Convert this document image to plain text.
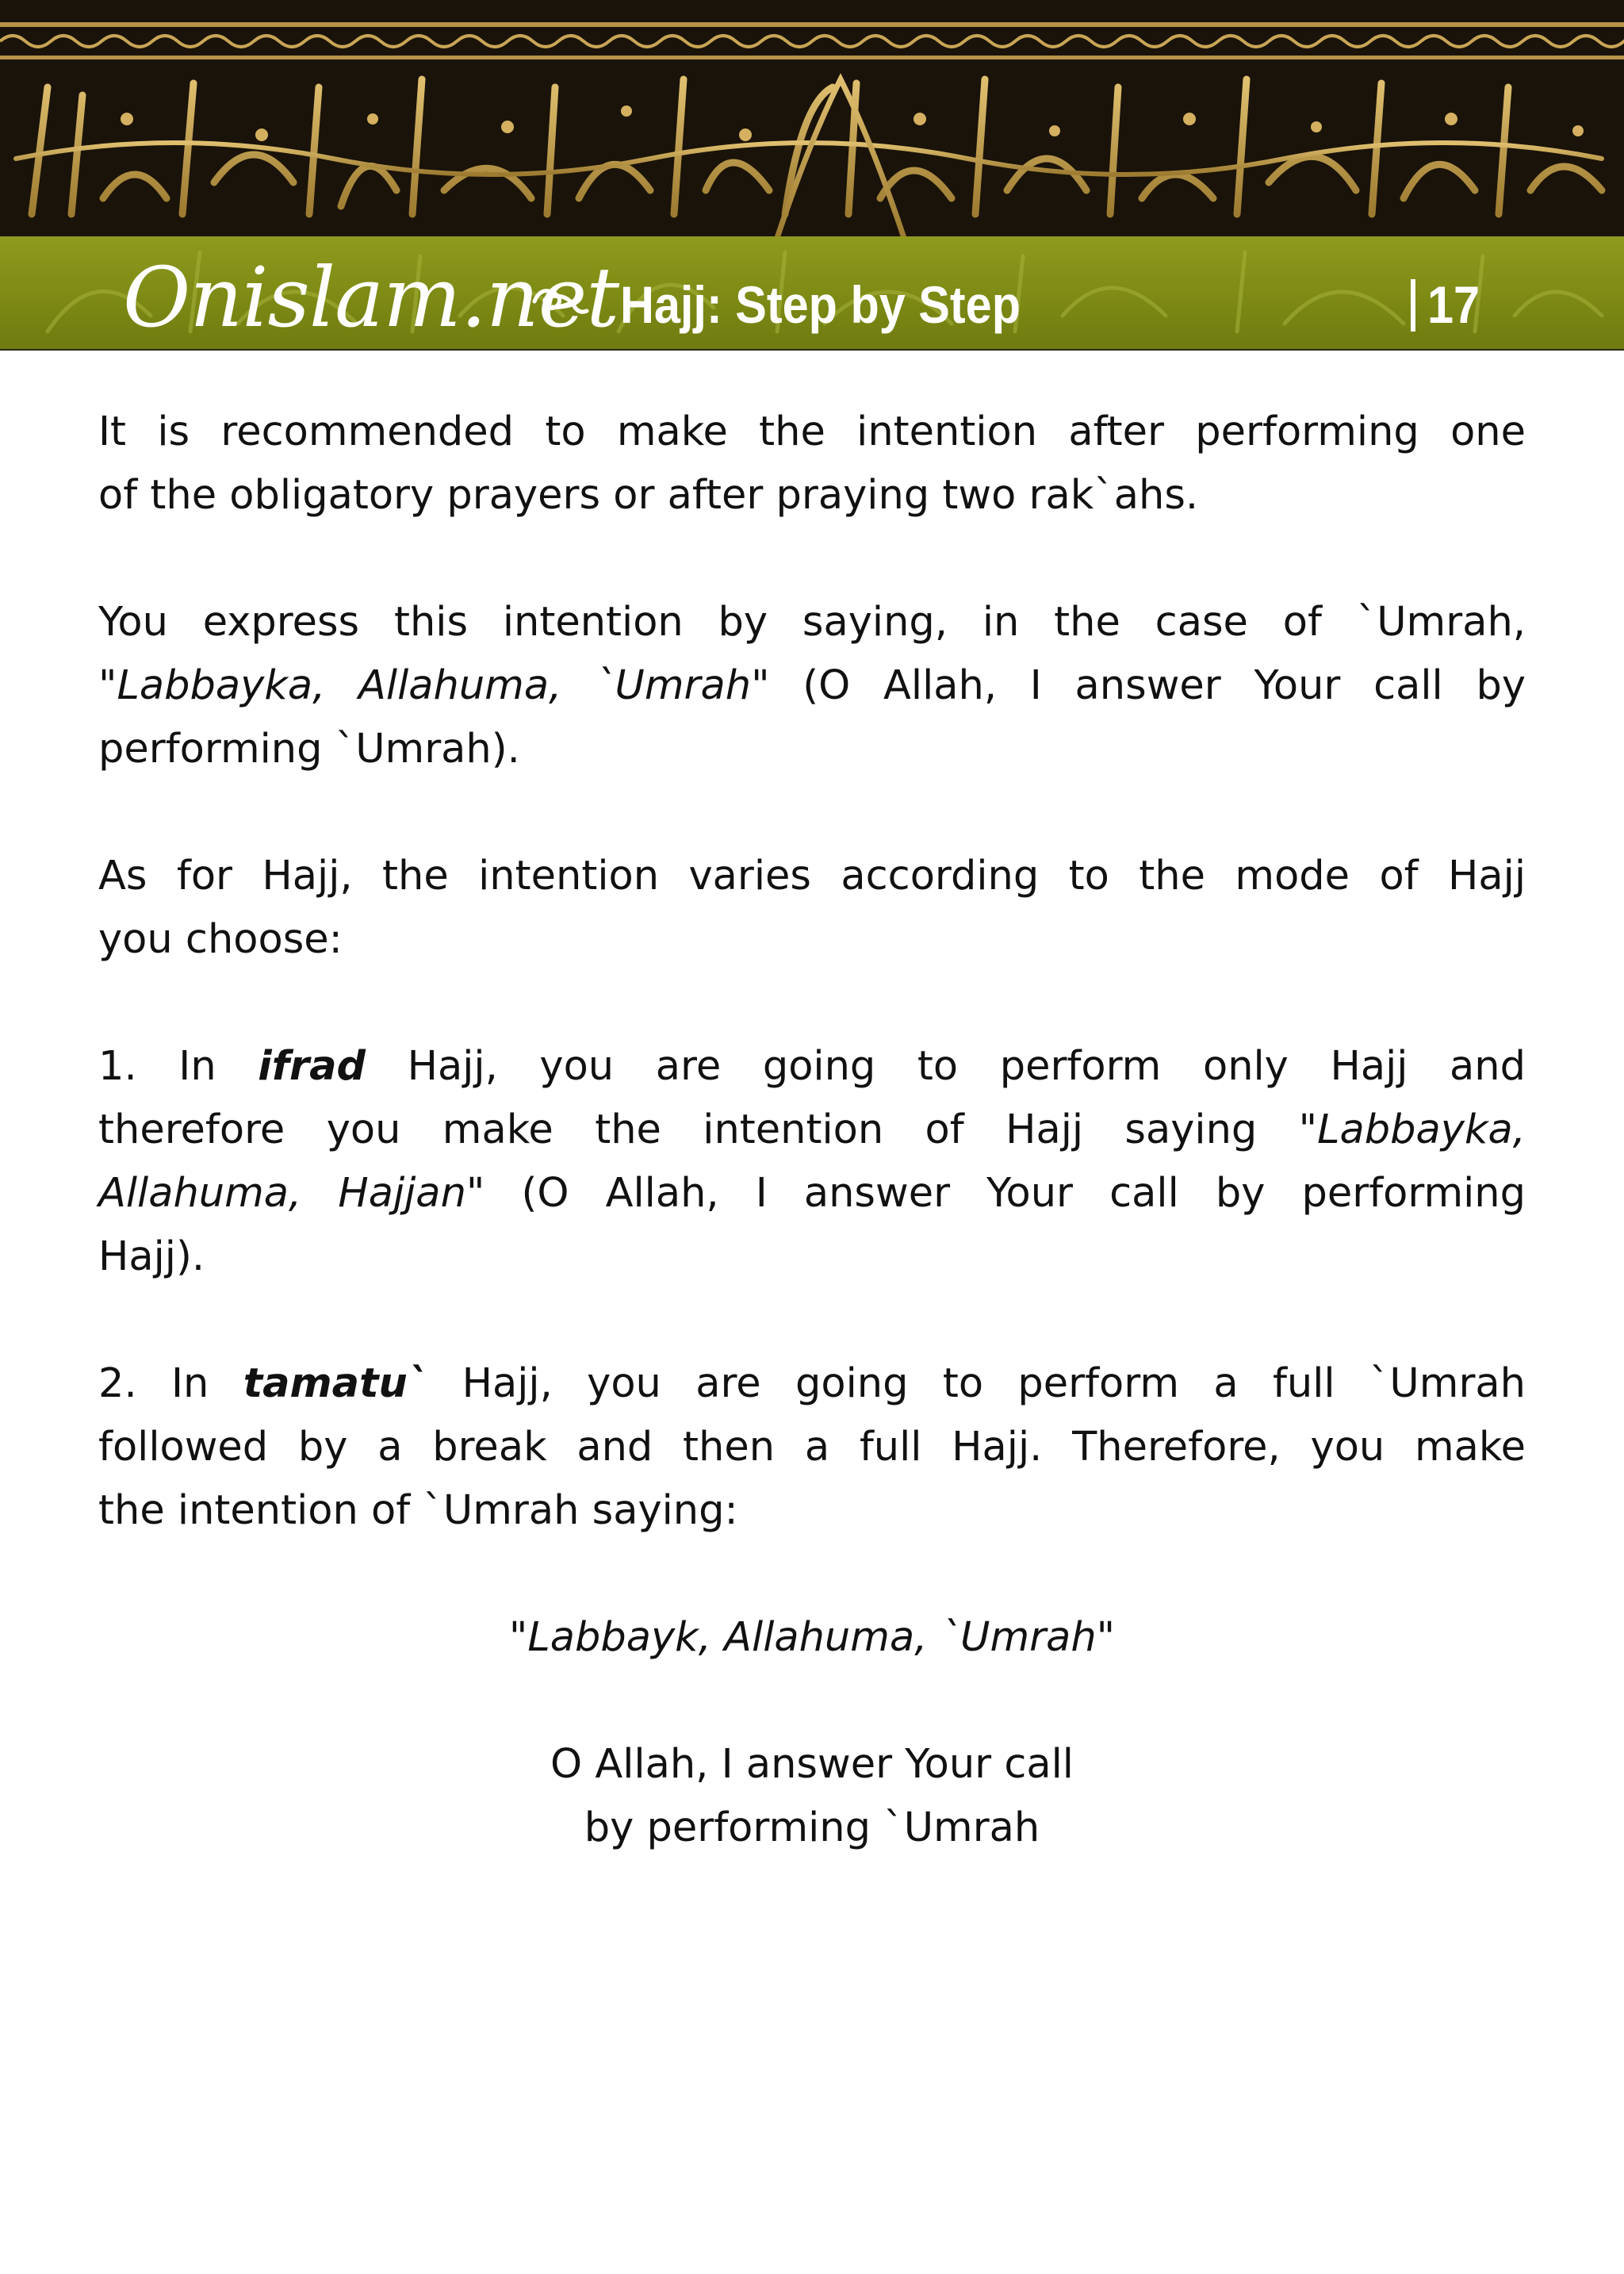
Onislam.net Hajj: Step by Step	17

It is recommended to make the intention after performing one
of the obligatory prayers or after praying two rak`ahs.

You express this intention by saying, in the case of `Umrah,
"Labbayka, Allahuma, `Umrah" (O Allah, I answer Your call by
performing `Umrah).

As for Hajj, the intention varies according to the mode of Hajj
you choose:

1. In ifrad Hajj, you are going to perform only Hajj and
therefore you make the intention of Hajj saying "Labbayka,
Allahuma, Hajjan" (O Allah, I answer Your call by performing
Hajj).

2. In tamatu` Hajj, you are going to perform a full `Umrah
followed by a break and then a full Hajj. Therefore, you make
the intention of `Umrah saying:

"Labbayk, Allahuma, `Umrah"
O Allah, I answer Your call
by performing `Umrah
